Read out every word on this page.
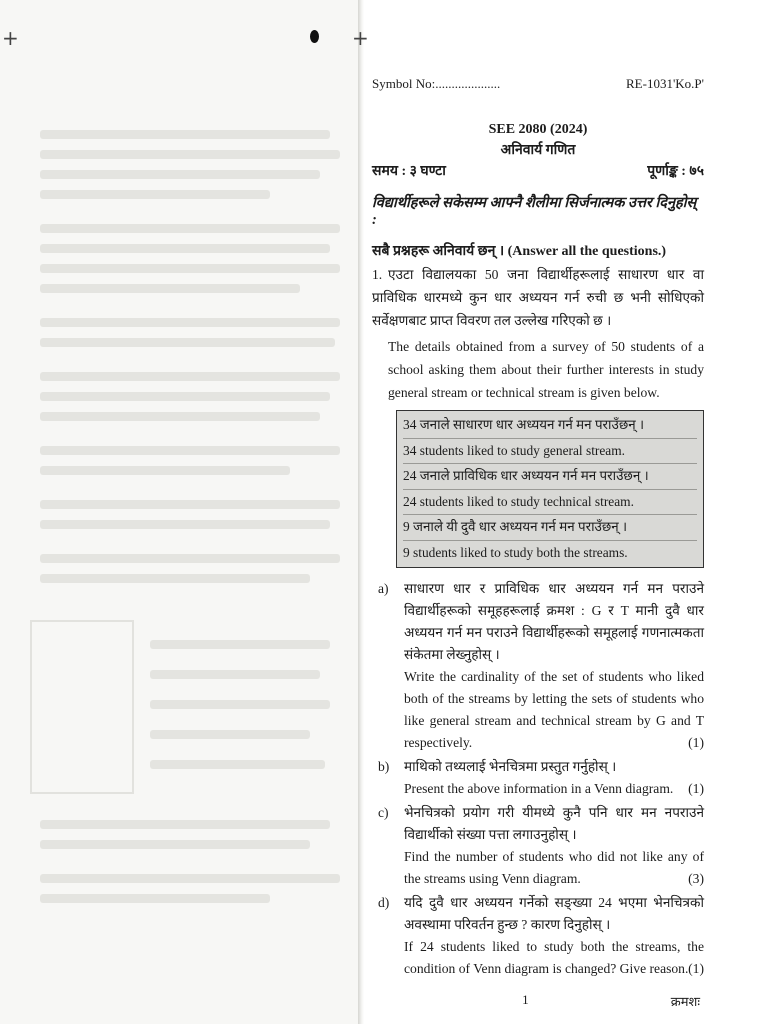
+	+
Symbol No:....................	RE-1031'Ko.P'
SEE 2080 (2024)
अनिवार्य गणित
समय : ३ घण्टा	पूर्णाङ्क : ७५
विद्यार्थीहरूले सकेसम्म आफ्नै शैलीमा सिर्जनात्मक उत्तर दिनुहोस् :
सबै प्रश्नहरू अनिवार्य छन् । (Answer all the questions.)
1. एउटा विद्यालयका 50 जना विद्यार्थीहरूलाई साधारण धार वा प्राविधिक धारमध्ये कुन धार अध्ययन गर्न रुची छ भनी सोधिएको सर्वेक्षणबाट प्राप्त विवरण तल उल्लेख गरिएको छ ।
The details obtained from a survey of 50 students of a school asking them about their further interests in study general stream or technical stream is given below.
34 जनाले साधारण धार अध्ययन गर्न मन पराउँछन् ।
34 students liked to study general stream.
24 जनाले प्राविधिक धार अध्ययन गर्न मन पराउँछन् ।
24 students liked to study technical stream.
9 जनाले यी दुवै धार अध्ययन गर्न मन पराउँछन् ।
9 students liked to study both the streams.
a)	साधारण धार र प्राविधिक धार अध्ययन गर्न मन पराउने विद्यार्थीहरूको समूहहरूलाई क्रमश : G र T मानी दुवै धार अध्ययन गर्न मन पराउने विद्यार्थीहरूको समूहलाई गणनात्मकता संकेतमा लेख्नुहोस् ।
Write the cardinality of the set of students who liked both of the streams by letting the sets of students who like general stream and technical stream by G and T respectively.	(1)
b)	माथिको तथ्यलाई भेनचित्रमा प्रस्तुत गर्नुहोस् ।
Present the above information in a Venn diagram. (1)
c)	भेनचित्रको प्रयोग गरी यीमध्ये कुनै पनि धार मन नपराउने विद्यार्थीको संख्या पत्ता लगाउनुहोस् ।
Find the number of students who did not like any of the streams using Venn diagram.	(3)
d)	यदि दुवै धार अध्ययन गर्नेको सङ्ख्या 24 भएमा भेनचित्रको अवस्थामा परिवर्तन हुन्छ ? कारण दिनुहोस् ।
If 24 students liked to study both the streams, the condition of Venn diagram is changed? Give reason. (1)
1	क्रमशः
